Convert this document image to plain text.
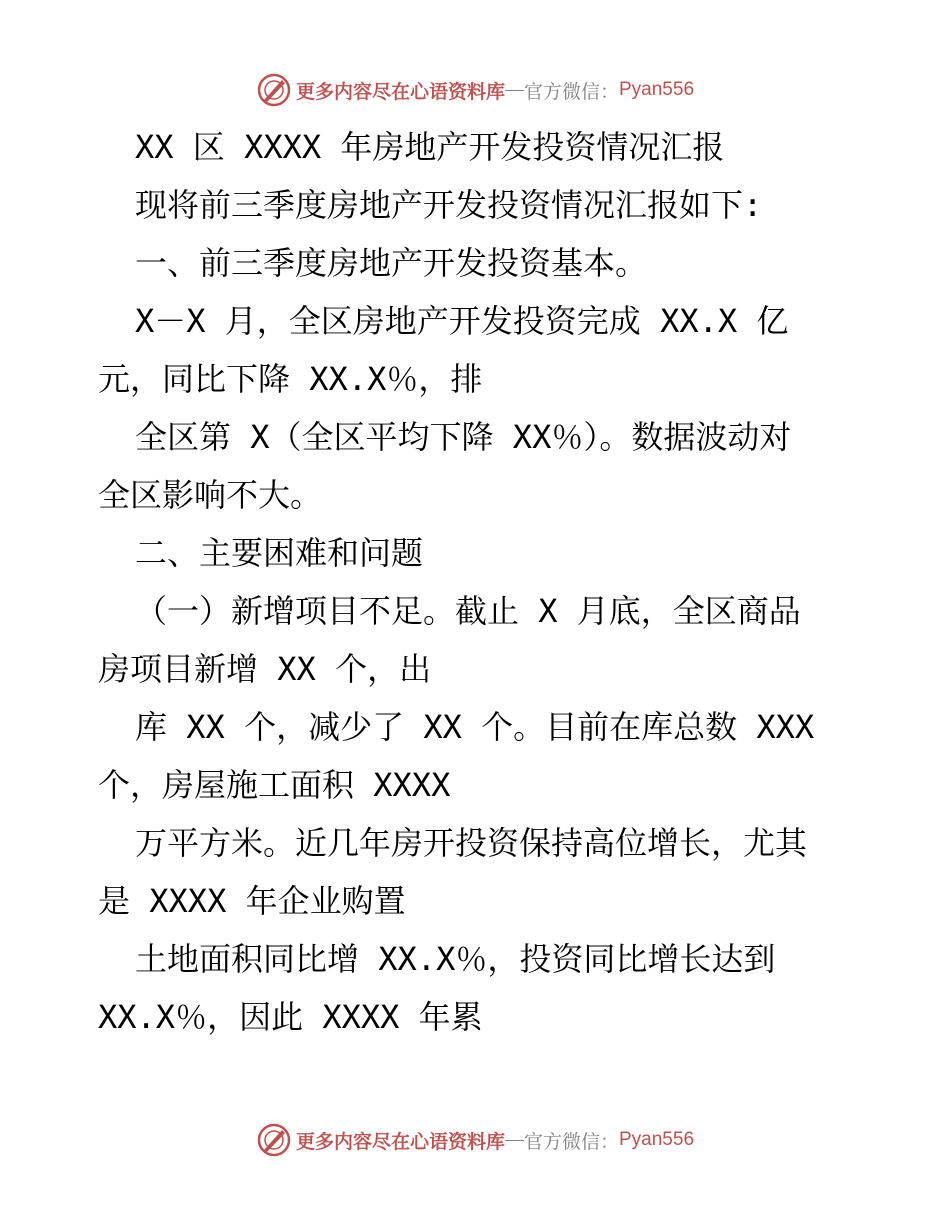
更多内容尽在心语资料库 — 官方微信： Pyan556
XX 区 XXXX 年房地产开发投资情况汇报
现将前三季度房地产开发投资情况汇报如下:
一、前三季度房地产开发投资基本。
X－X 月，全区房地产开发投资完成 XX.X 亿
元，同比下降 XX.X％，排
全区第 X（全区平均下降 XX％）。数据波动对
全区影响不大。
二、主要困难和问题
（一）新增项目不足。截止 X 月底，全区商品
房项目新增 XX 个，出
库 XX 个，减少了 XX 个。目前在库总数 XXX
个，房屋施工面积 XXXX
万平方米。近几年房开投资保持高位增长，尤其
是 XXXX 年企业购置
土地面积同比增 XX.X％，投资同比增长达到
XX.X％，因此 XXXX 年累
更多内容尽在心语资料库 — 官方微信： Pyan556
